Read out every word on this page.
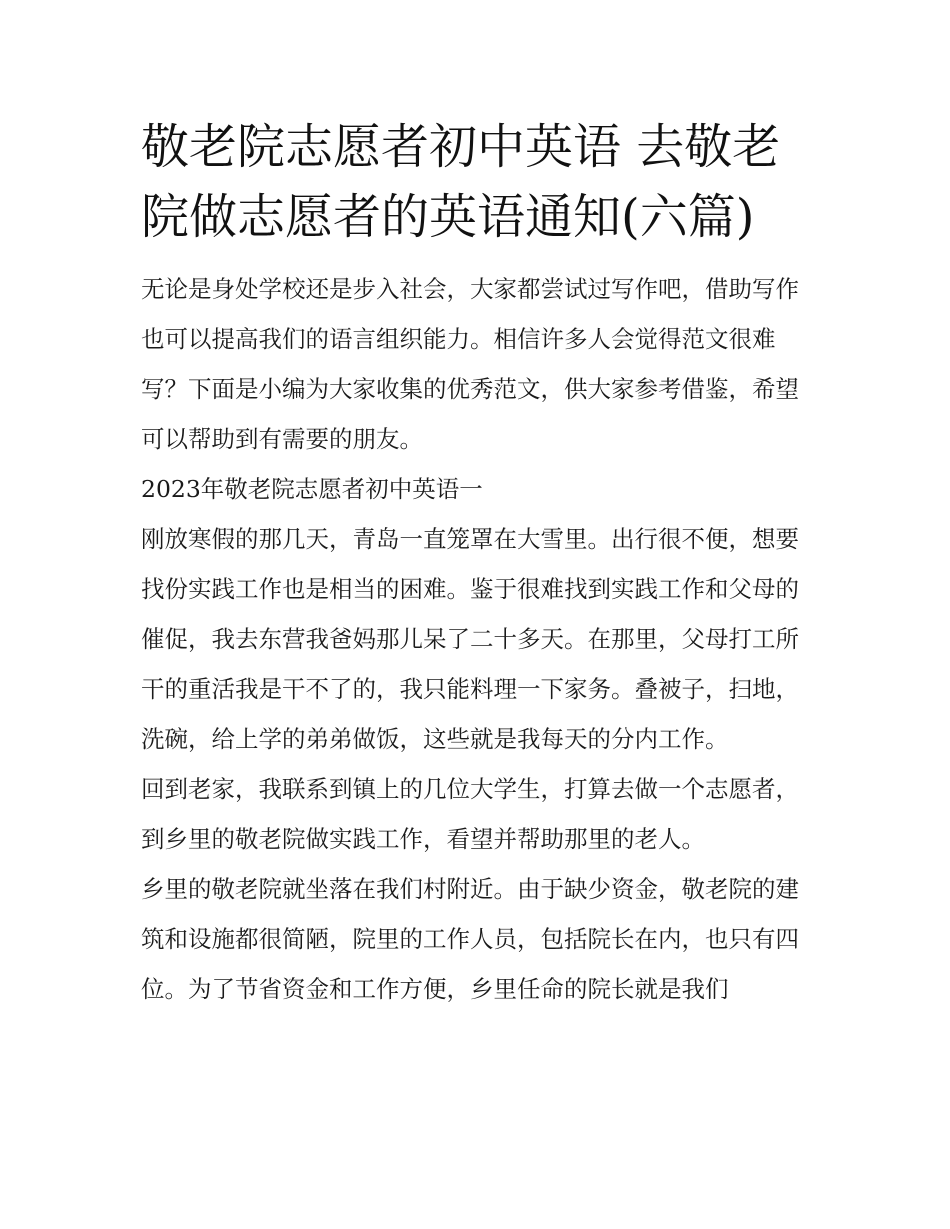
敬老院志愿者初中英语 去敬老院做志愿者的英语通知(六篇)

无论是身处学校还是步入社会，大家都尝试过写作吧，借助写作也可以提高我们的语言组织能力。相信许多人会觉得范文很难写？下面是小编为大家收集的优秀范文，供大家参考借鉴，希望可以帮助到有需要的朋友。

2023年敬老院志愿者初中英语一

刚放寒假的那几天，青岛一直笼罩在大雪里。出行很不便，想要找份实践工作也是相当的困难。鉴于很难找到实践工作和父母的催促，我去东营我爸妈那儿呆了二十多天。在那里，父母打工所干的重活我是干不了的，我只能料理一下家务。叠被子，扫地，洗碗，给上学的弟弟做饭，这些就是我每天的分内工作。

回到老家，我联系到镇上的几位大学生，打算去做一个志愿者，到乡里的敬老院做实践工作，看望并帮助那里的老人。

乡里的敬老院就坐落在我们村附近。由于缺少资金，敬老院的建筑和设施都很简陋，院里的工作人员，包括院长在内，也只有四位。为了节省资金和工作方便，乡里任命的院长就是我们
